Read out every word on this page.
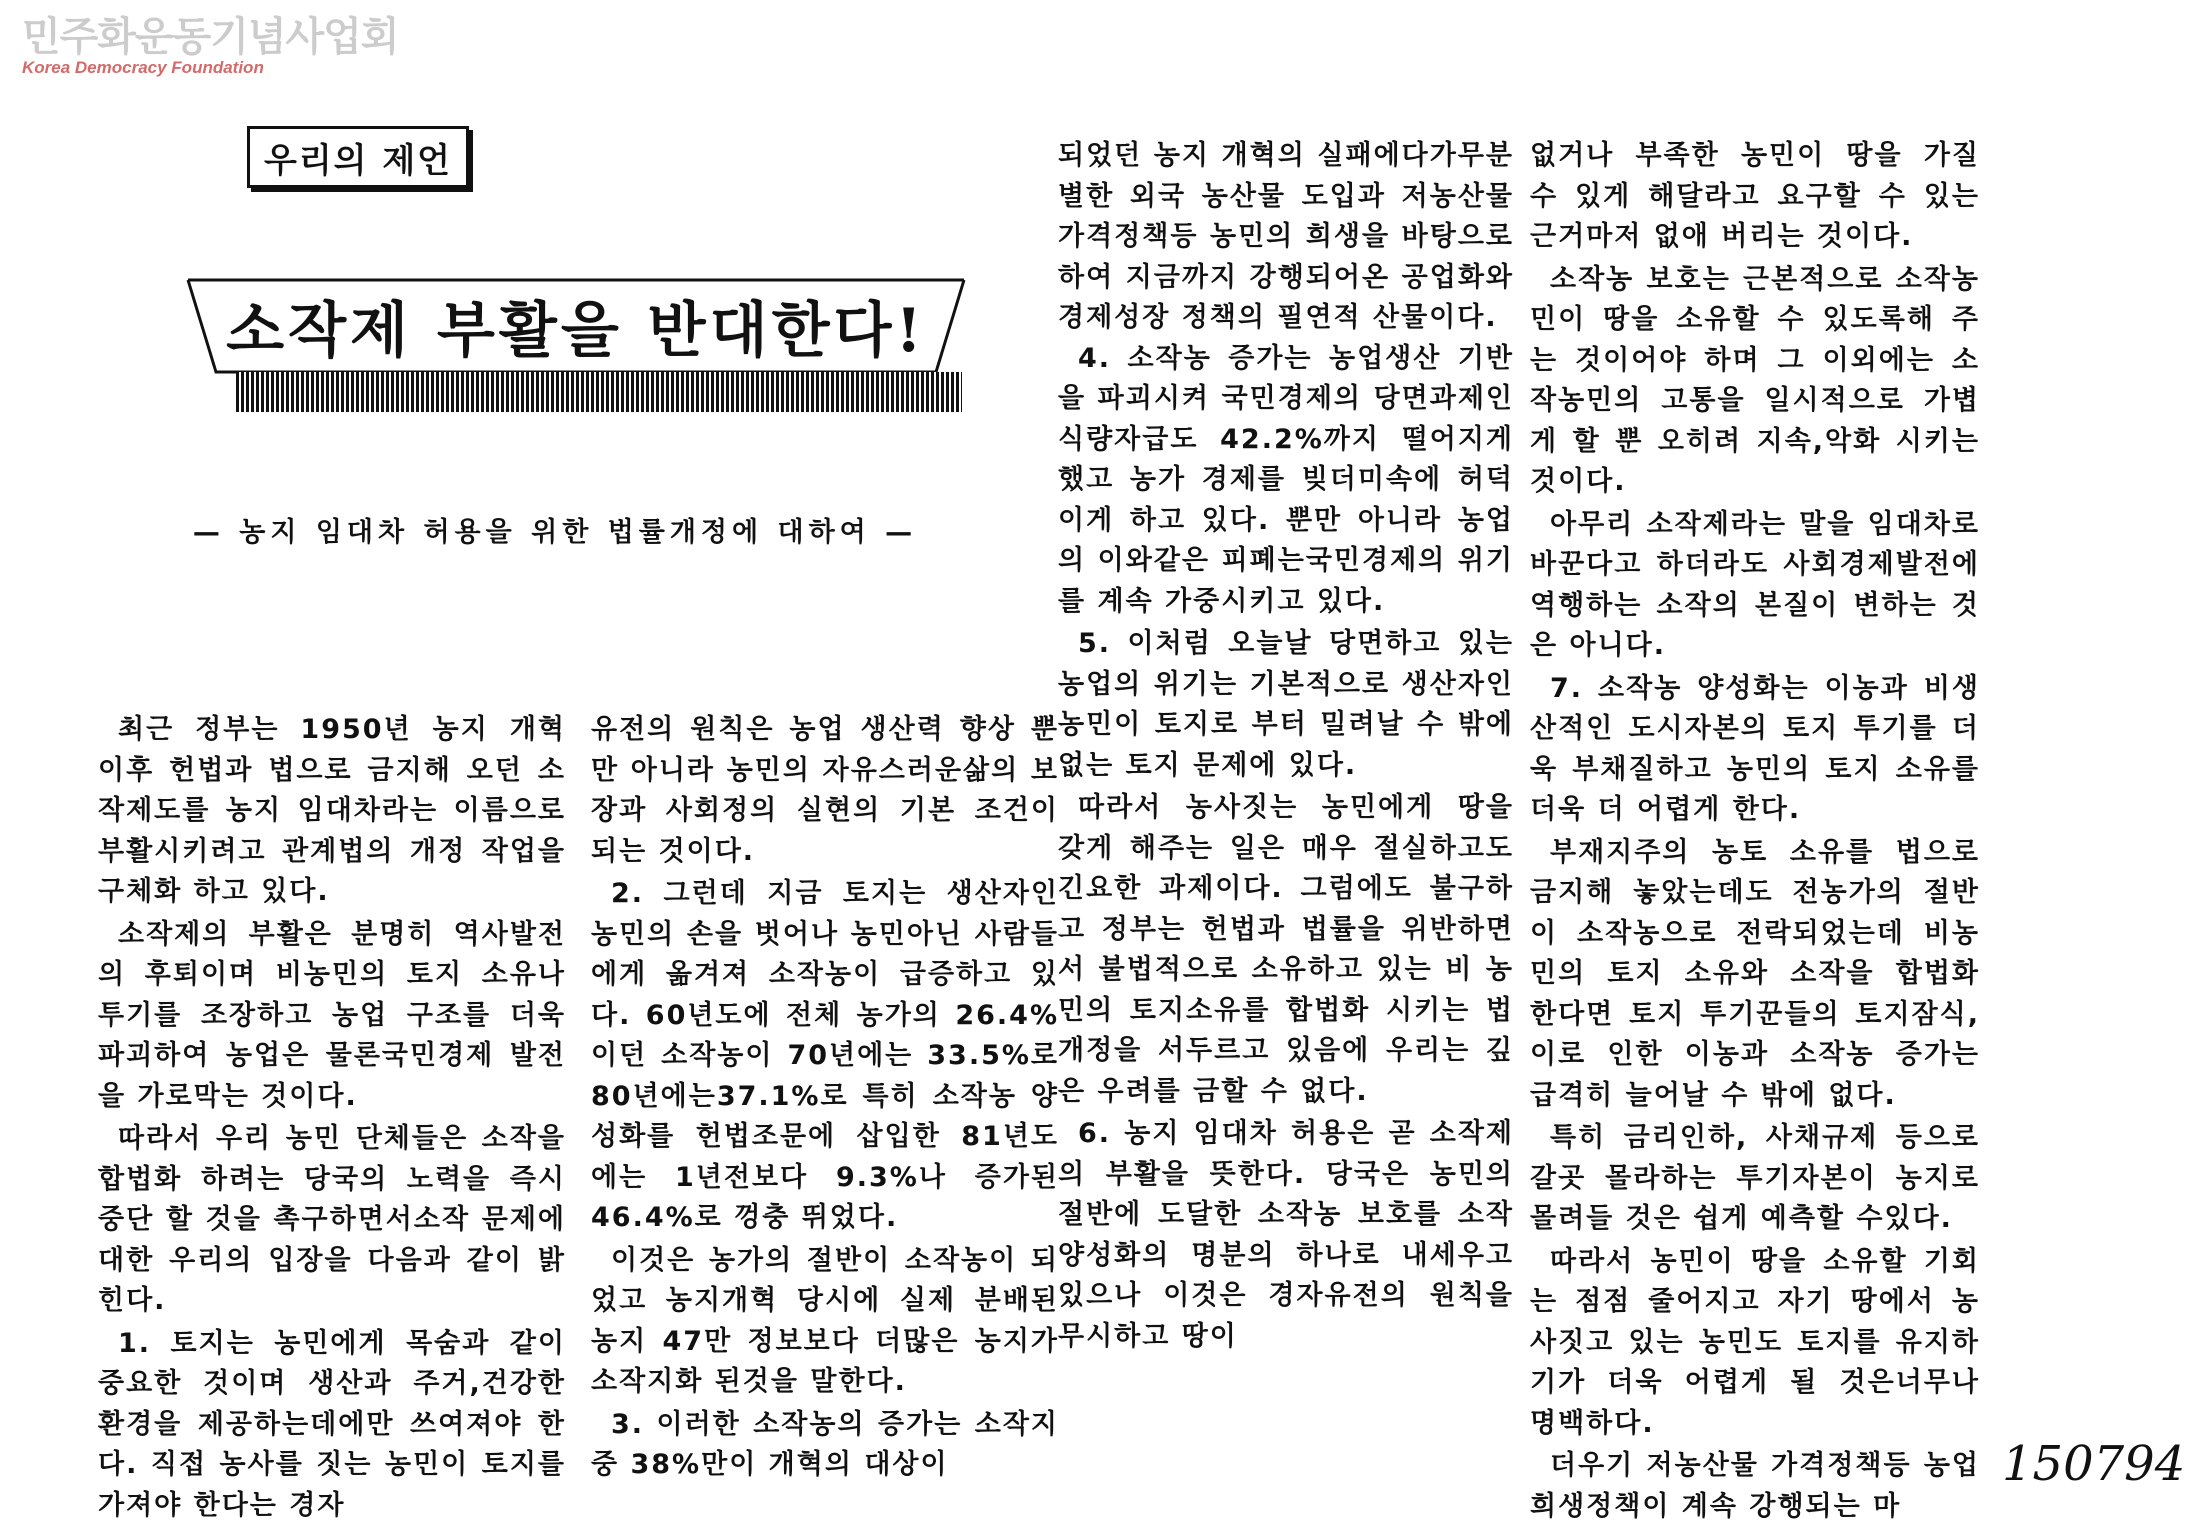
민주화운동기념사업회
Korea Democracy Foundation
우리의 제언
소작제 부활을 반대한다!
— 농지 임대차 허용을 위한 법률개정에 대하여 —

최근 정부는 1950년 농지 개혁 이후 헌법과 법으로 금지해 오던 소작제도를 농지 임대차라는 이름으로 부활시키려고 관계법의 개정 작업을 구체화 하고 있다.

소작제의 부활은 분명히 역사발전의 후퇴이며 비농민의 토지 소유나 투기를 조장하고 농업 구조를 더욱 파괴하여 농업은 물론국민경제 발전을 가로막는 것이다.

따라서 우리 농민 단체들은 소작을 합법화 하려는 당국의 노력을 즉시 중단 할 것을 촉구하면서소작 문제에 대한 우리의 입장을 다음과 같이 밝힌다.

1. 토지는 농민에게 목숨과 같이 중요한 것이며 생산과 주거,건강한 환경을 제공하는데에만 쓰여져야 한다. 직접 농사를 짓는 농민이 토지를 가져야 한다는 경자

유전의 원칙은 농업 생산력 향상 뿐만 아니라 농민의 자유스러운삶의 보장과 사회정의 실현의 기본 조건이 되는 것이다.

2. 그런데 지금 토지는 생산자인 농민의 손을 벗어나 농민아닌 사람들에게 옮겨져 소작농이 급증하고 있다. 60년도에 전체 농가의 26.4%이던 소작농이 70년에는 33.5%로 80년에는37.1%로 특히 소작농 양성화를 헌법조문에 삽입한 81년도에는 1년전보다 9.3%나 증가된 46.4%로 껑충 뛰었다.

이것은 농가의 절반이 소작농이 되었고 농지개혁 당시에 실제 분배된 농지 47만 정보보다 더많은 농지가 소작지화 된것을 말한다.

3. 이러한 소작농의 증가는 소작지중 38%만이 개혁의 대상이

되었던 농지 개혁의 실패에다가무분별한 외국 농산물 도입과 저농산물 가격정책등 농민의 희생을 바탕으로 하여 지금까지 강행되어온 공업화와 경제성장 정책의 필연적 산물이다.

4. 소작농 증가는 농업생산 기반을 파괴시켜 국민경제의 당면과제인 식량자급도 42.2%까지 떨어지게 했고 농가 경제를 빚더미속에 허덕이게 하고 있다. 뿐만 아니라 농업의 이와같은 피폐는국민경제의 위기를 계속 가중시키고 있다.

5. 이처럼 오늘날 당면하고 있는 농업의 위기는 기본적으로 생산자인 농민이 토지로 부터 밀려날 수 밖에 없는 토지 문제에 있다.

따라서 농사짓는 농민에게 땅을 갖게 해주는 일은 매우 절실하고도 긴요한 과제이다. 그럼에도 불구하고 정부는 헌법과 법률을 위반하면서 불법적으로 소유하고 있는 비 농민의 토지소유를 합법화 시키는 법 개정을 서두르고 있음에 우리는 깊은 우려를 금할 수 없다.

6. 농지 임대차 허용은 곧 소작제의 부활을 뜻한다. 당국은 농민의 절반에 도달한 소작농 보호를 소작 양성화의 명분의 하나로 내세우고 있으나 이것은 경자유전의 원칙을 무시하고 땅이

없거나 부족한 농민이 땅을 가질 수 있게 해달라고 요구할 수 있는 근거마저 없애 버리는 것이다.

소작농 보호는 근본적으로 소작농민이 땅을 소유할 수 있도록해 주는 것이어야 하며 그 이외에는 소작농민의 고통을 일시적으로 가볍게 할 뿐 오히려 지속,악화 시키는 것이다.

아무리 소작제라는 말을 임대차로 바꾼다고 하더라도 사회경제발전에 역행하는 소작의 본질이 변하는 것은 아니다.

7. 소작농 양성화는 이농과 비생산적인 도시자본의 토지 투기를 더욱 부채질하고 농민의 토지 소유를 더욱 더 어렵게 한다.

부재지주의 농토 소유를 법으로 금지해 놓았는데도 전농가의 절반이 소작농으로 전락되었는데 비농민의 토지 소유와 소작을 합법화 한다면 토지 투기꾼들의 토지잠식, 이로 인한 이농과 소작농 증가는 급격히 늘어날 수 밖에 없다.

특히 금리인하, 사채규제 등으로 갈곳 몰라하는 투기자본이 농지로 몰려들 것은 쉽게 예측할 수있다.

따라서 농민이 땅을 소유할 기회는 점점 줄어지고 자기 땅에서 농사짓고 있는 농민도 토지를 유지하기가 더욱 어렵게 될 것은너무나 명백하다.

더우기 저농산물 가격정책등 농업 희생정책이 계속 강행되는 마

150794
